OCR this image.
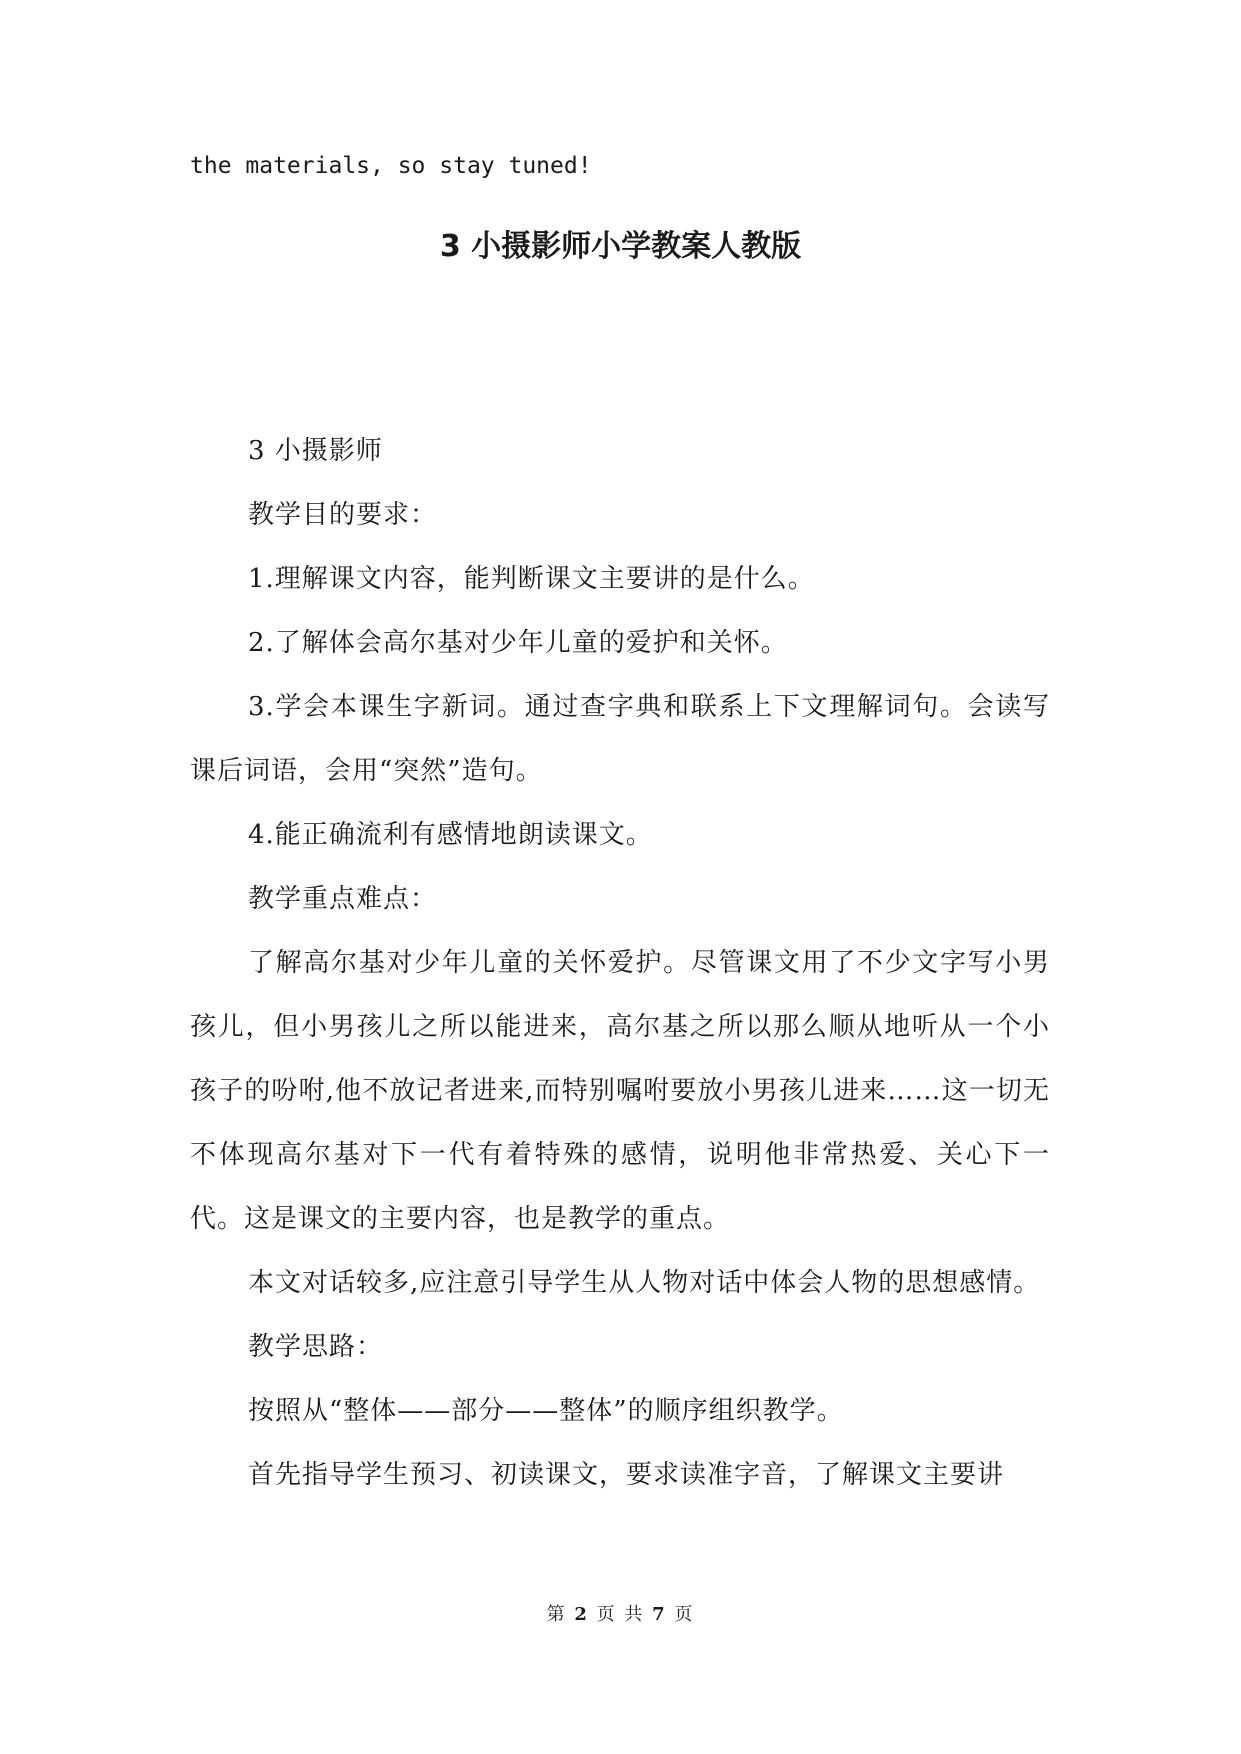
the materials, so stay tuned!
3 小摄影师小学教案人教版

3 小摄影师

教学目的要求：

1.理解课文内容，能判断课文主要讲的是什么。

2.了解体会高尔基对少年儿童的爱护和关怀。

3.学会本课生字新词。通过查字典和联系上下文理解词句。会读写课后词语，会用“突然”造句。

4.能正确流利有感情地朗读课文。

教学重点难点：

了解高尔基对少年儿童的关怀爱护。尽管课文用了不少文字写小男孩儿，但小男孩儿之所以能进来，高尔基之所以那么顺从地听从一个小孩子的吩咐,他不放记者进来,而特别嘱咐要放小男孩儿进来……这一切无不体现高尔基对下一代有着特殊的感情，说明他非常热爱、关心下一代。这是课文的主要内容，也是教学的重点。

本文对话较多,应注意引导学生从人物对话中体会人物的思想感情。

教学思路：

按照从“整体——部分——整体”的顺序组织教学。

首先指导学生预习、初读课文，要求读准字音，了解课文主要讲

第 2 页 共 7 页
